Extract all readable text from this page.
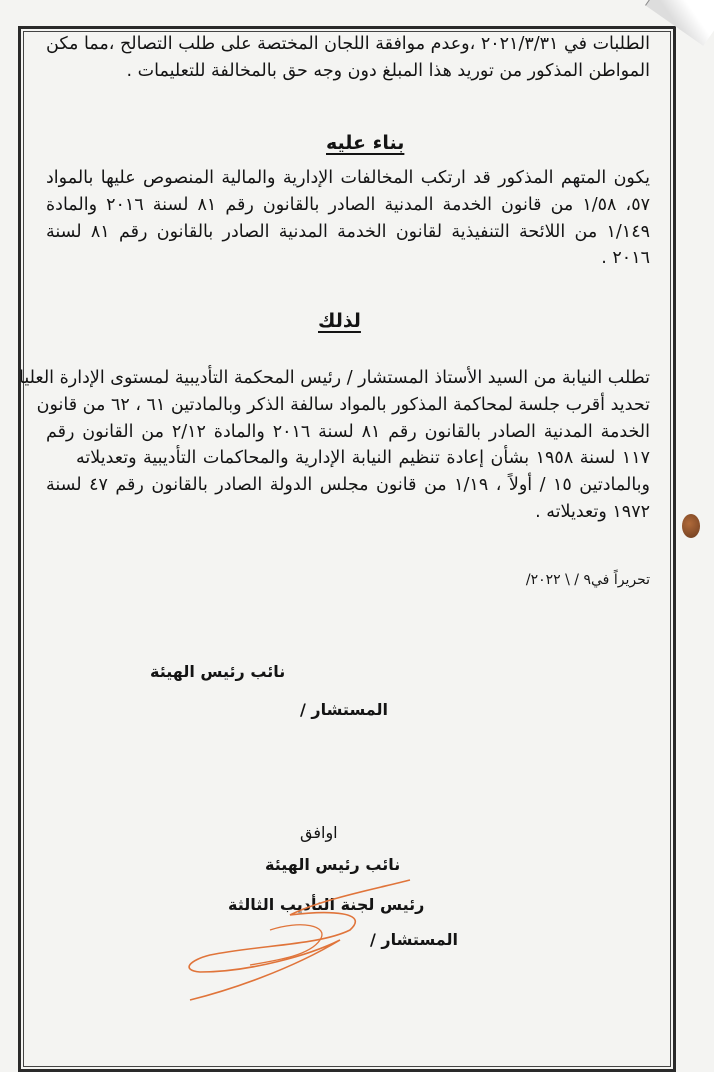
الطلبات في ٢٠٢١/٣/٣١ ،وعدم موافقة اللجان المختصة على طلب التصالح ،مما مكن
المواطن المذكور من توريد هذا المبلغ دون وجه حق بالمخالفة للتعليمات .
بناء عليه
يكون المتهم المذكور قد ارتكب المخالفات الإدارية والمالية المنصوص عليها بالمواد
٥٧، ١/٥٨ من قانون الخدمة المدنية الصادر بالقانون رقم ٨١ لسنة ٢٠١٦ والمادة
١/١٤٩ من اللائحة التنفيذية لقانون الخدمة المدنية الصادر بالقانون رقم ٨١ لسنة
٢٠١٦ .
لذلك
تطلب النيابة من السيد الأستاذ المستشار / رئيس المحكمة التأديبية لمستوى الإدارة العليا
تحديد أقرب جلسة لمحاكمة المذكور بالمواد سالفة الذكر وبالمادتين ٦١ ، ٦٢ من قانون
الخدمة المدنية الصادر بالقانون رقم ٨١ لسنة ٢٠١٦ والمادة ٢/١٢ من القانون رقم
١١٧ لسنة ١٩٥٨ بشأن إعادة تنظيم النيابة الإدارية والمحاكمات التأديبية وتعديلاته
وبالمادتين ١٥ / أولاً ، ١/١٩ من قانون مجلس الدولة الصادر بالقانون رقم ٤٧ لسنة
١٩٧٢ وتعديلاته .
تحريراً في٩ / \ ٢٠٢٢/
نائب رئيس الهيئة
المستشار /
اوافق
نائب رئيس الهيئة
رئيس لجنة التأديب الثالثة
المستشار /
